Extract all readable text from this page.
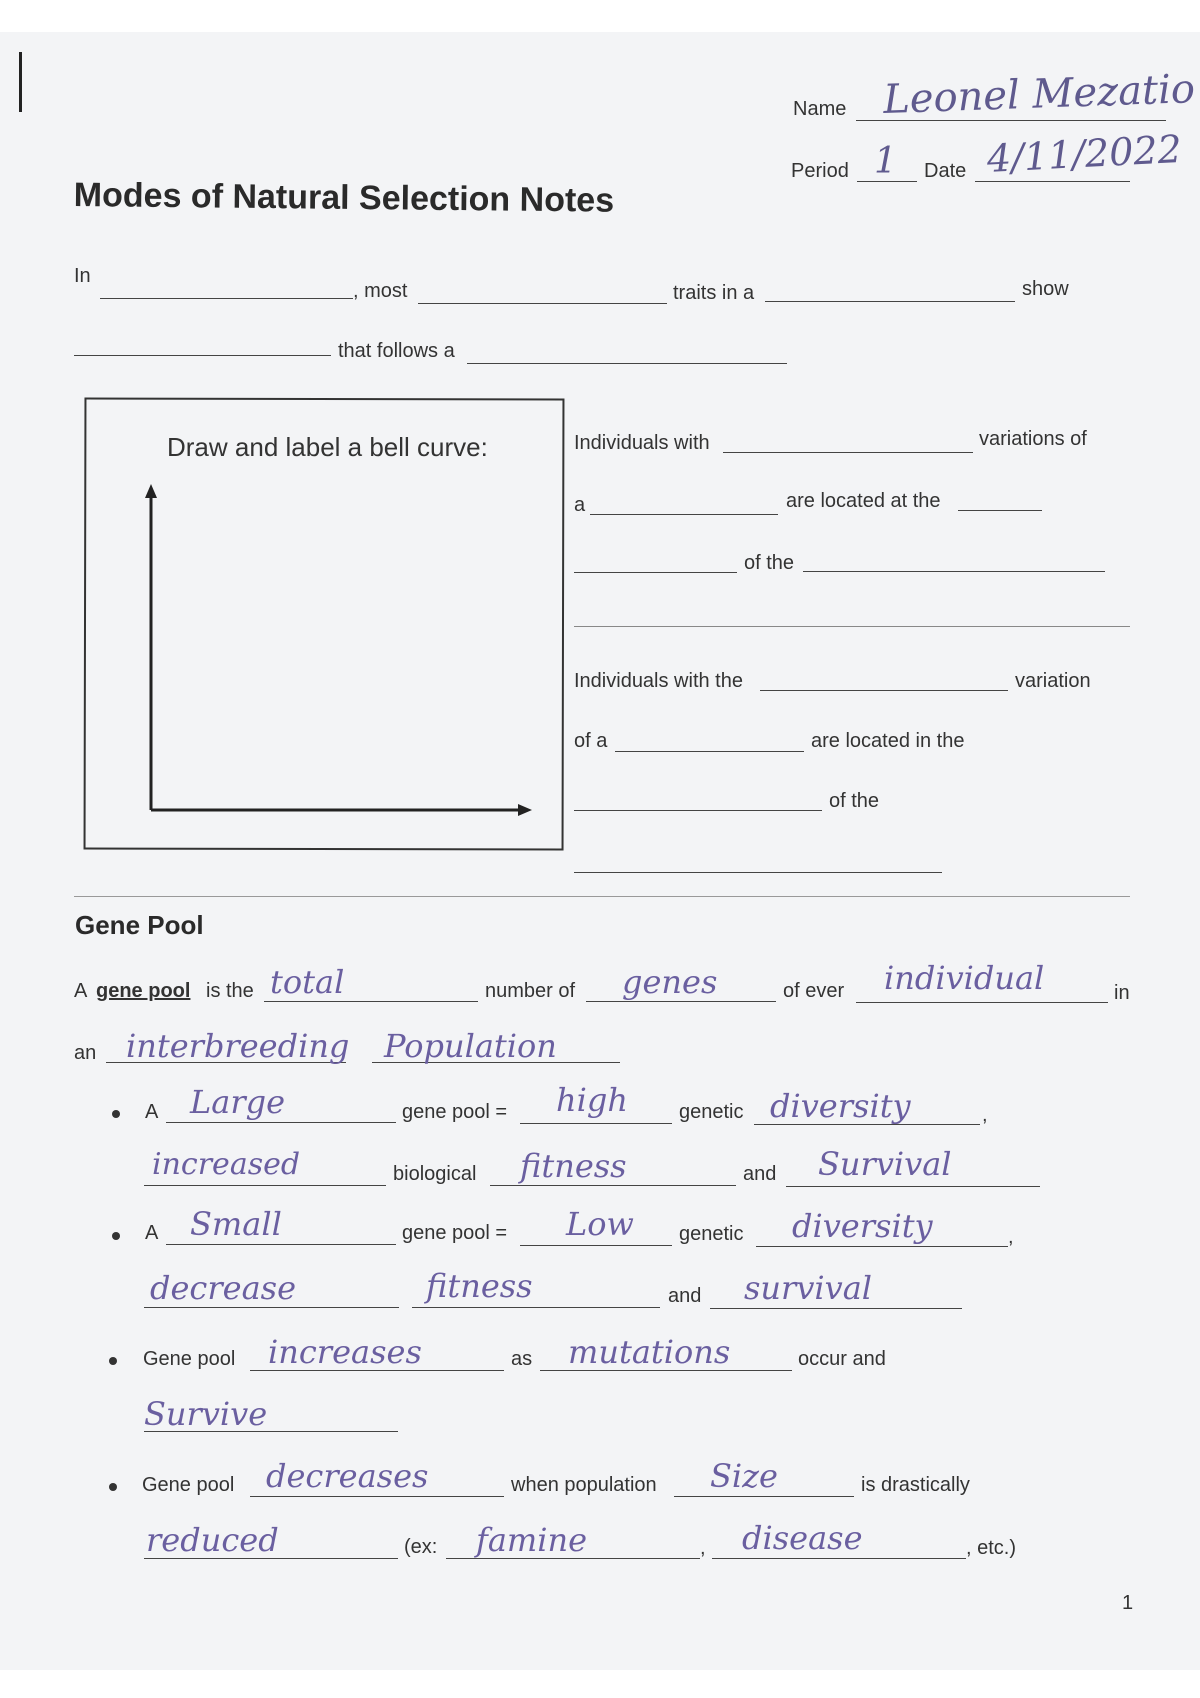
Name Leonel Mezatio
Period 1 Date 4/11/2022
Modes of Natural Selection Notes
In
, most	traits in a	show
that follows a
Draw and label a bell curve:	Individuals with	variations of
a	are located at the
of the
Individuals with the	variation
of a	are located in the
of the
Gene Pool
A gene pool is the total	number of genes	of ever individual	in
an interbreeding Population
A Large	gene pool = high	genetic diversity	,
increased	biological fitness	and Survival
A Small	gene pool = Low genetic diversity	,
decrease	fitness	and survival
Gene pool increases	as mutations	occur and
Survive
Gene pool decreases	when population Size	is drastically
reduced	(ex: famine	, disease	, etc.)
1
